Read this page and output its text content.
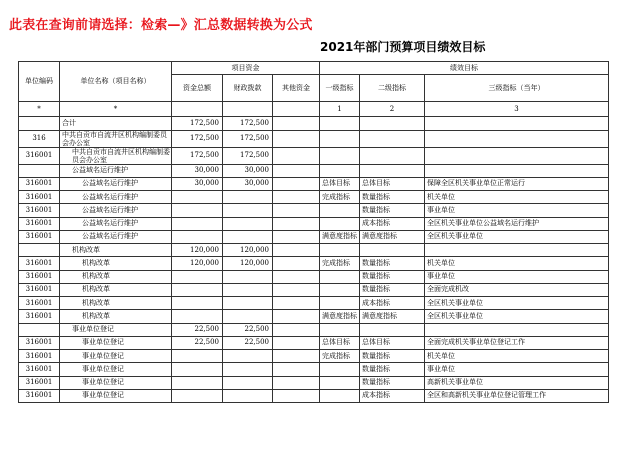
此表在查询前请选择：检索—》汇总数据转换为公式
2021年部门预算项目绩效目标
单位编码	单位名称（项目名称）	项目资金			绩效目标		
		资金总额	财政拨款	其他资金	一级指标	二级指标	三级指标（当年）
*	*				1	2	3
	合计	172,500	172,500				
316	中共自贡市自流井区机构编制委员会办公室	172,500	172,500				
316001	中共自贡市自流井区机构编制委员会办公室	172,500	172,500				
	公益域名运行维护	30,000	30,000				
316001	公益域名运行维护	30,000	30,000		总体目标	总体目标	保障全区机关事业单位正常运行
316001	公益域名运行维护				完成指标	数量指标	机关单位
316001	公益域名运行维护					数量指标	事业单位
316001	公益域名运行维护					成本指标	全区机关事业单位公益域名运行维护
316001	公益域名运行维护				满意度指标	满意度指标	全区机关事业单位
	机构改革	120,000	120,000				
316001	机构改革	120,000	120,000		完成指标	数量指标	机关单位
316001	机构改革					数量指标	事业单位
316001	机构改革					数量指标	全面完成机改
316001	机构改革					成本指标	全区机关事业单位
316001	机构改革				满意度指标	满意度指标	全区机关事业单位
	事业单位登记	22,500	22,500				
316001	事业单位登记	22,500	22,500		总体目标	总体目标	全面完成机关事业单位登记工作
316001	事业单位登记				完成指标	数量指标	机关单位
316001	事业单位登记					数量指标	事业单位
316001	事业单位登记					数量指标	高新机关事业单位
316001	事业单位登记					成本指标	全区和高新机关事业单位登记管理工作
